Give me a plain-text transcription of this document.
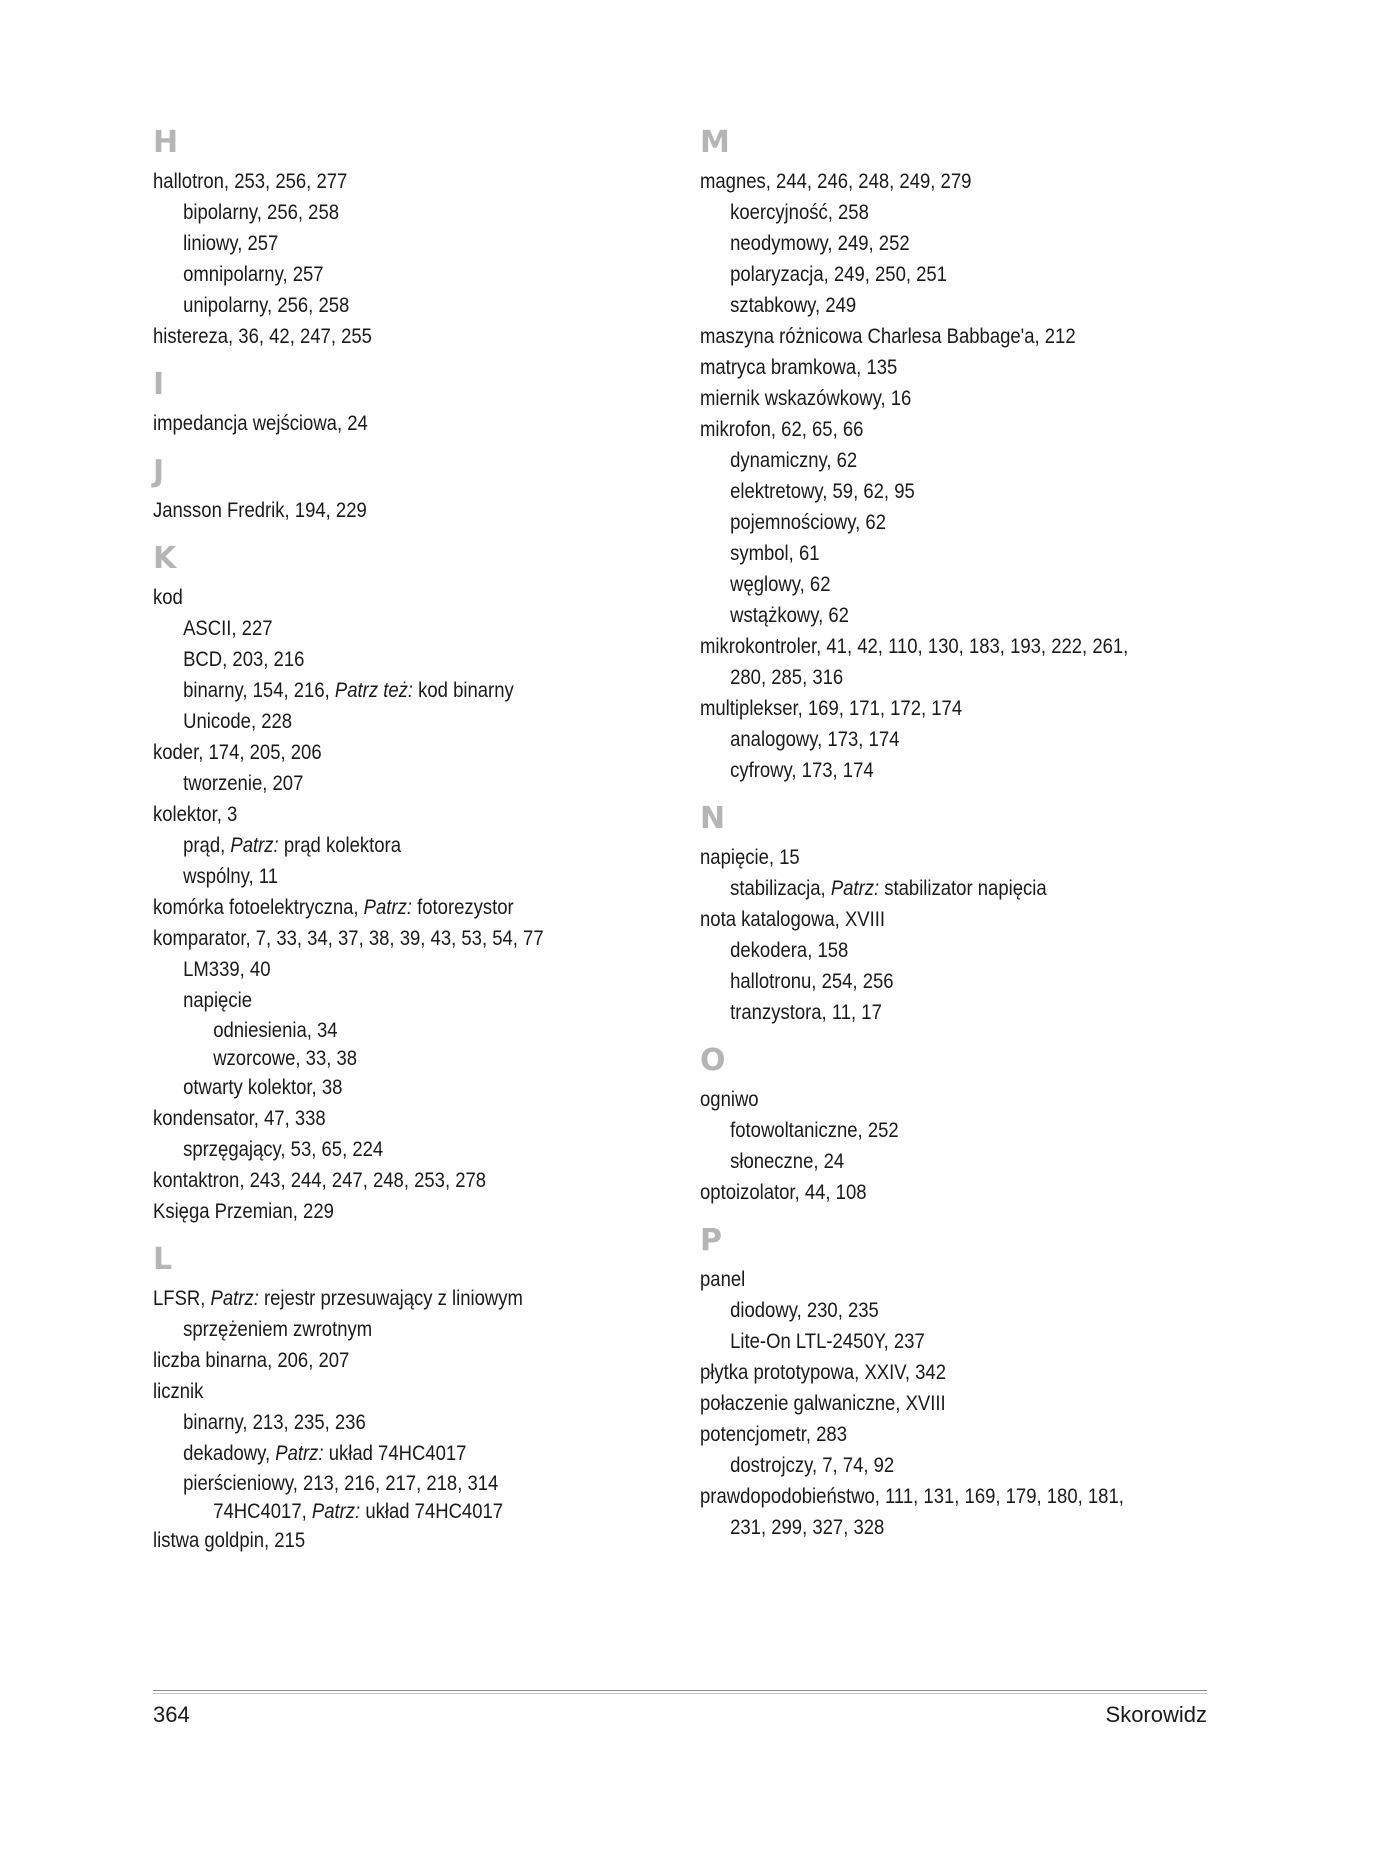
H
hallotron, 253, 256, 277
bipolarny, 256, 258
liniowy, 257
omnipolarny, 257
unipolarny, 256, 258
histereza, 36, 42, 247, 255
I
impedancja wejściowa, 24
J
Jansson Fredrik, 194, 229
K
kod
ASCII, 227
BCD, 203, 216
binarny, 154, 216, Patrz też: kod binarny
Unicode, 228
koder, 174, 205, 206
tworzenie, 207
kolektor, 3
prąd, Patrz: prąd kolektora
wspólny, 11
komórka fotoelektryczna, Patrz: fotorezystor
komparator, 7, 33, 34, 37, 38, 39, 43, 53, 54, 77
LM339, 40
napięcie
odniesienia, 34
wzorcowe, 33, 38
otwarty kolektor, 38
kondensator, 47, 338
sprzęgający, 53, 65, 224
kontaktron, 243, 244, 247, 248, 253, 278
Księga Przemian, 229
L
LFSR, Patrz: rejestr przesuwający z liniowym
sprzężeniem zwrotnym
liczba binarna, 206, 207
licznik
binarny, 213, 235, 236
dekadowy, Patrz: układ 74HC4017
pierścieniowy, 213, 216, 217, 218, 314
74HC4017, Patrz: układ 74HC4017
listwa goldpin, 215
M
magnes, 244, 246, 248, 249, 279
koercyjność, 258
neodymowy, 249, 252
polaryzacja, 249, 250, 251
sztabkowy, 249
maszyna różnicowa Charlesa Babbage'a, 212
matryca bramkowa, 135
miernik wskazówkowy, 16
mikrofon, 62, 65, 66
dynamiczny, 62
elektretowy, 59, 62, 95
pojemnościowy, 62
symbol, 61
węglowy, 62
wstążkowy, 62
mikrokontroler, 41, 42, 110, 130, 183, 193, 222, 261,
280, 285, 316
multiplekser, 169, 171, 172, 174
analogowy, 173, 174
cyfrowy, 173, 174
N
napięcie, 15
stabilizacja, Patrz: stabilizator napięcia
nota katalogowa, XVIII
dekodera, 158
hallotronu, 254, 256
tranzystora, 11, 17
O
ogniwo
fotowoltaniczne, 252
słoneczne, 24
optoizolator, 44, 108
P
panel
diodowy, 230, 235
Lite-On LTL-2450Y, 237
płytka prototypowa, XXIV, 342
połaczenie galwaniczne, XVIII
potencjometr, 283
dostrojczy, 7, 74, 92
prawdopodobieństwo, 111, 131, 169, 179, 180, 181,
231, 299, 327, 328
364	Skorowidz
